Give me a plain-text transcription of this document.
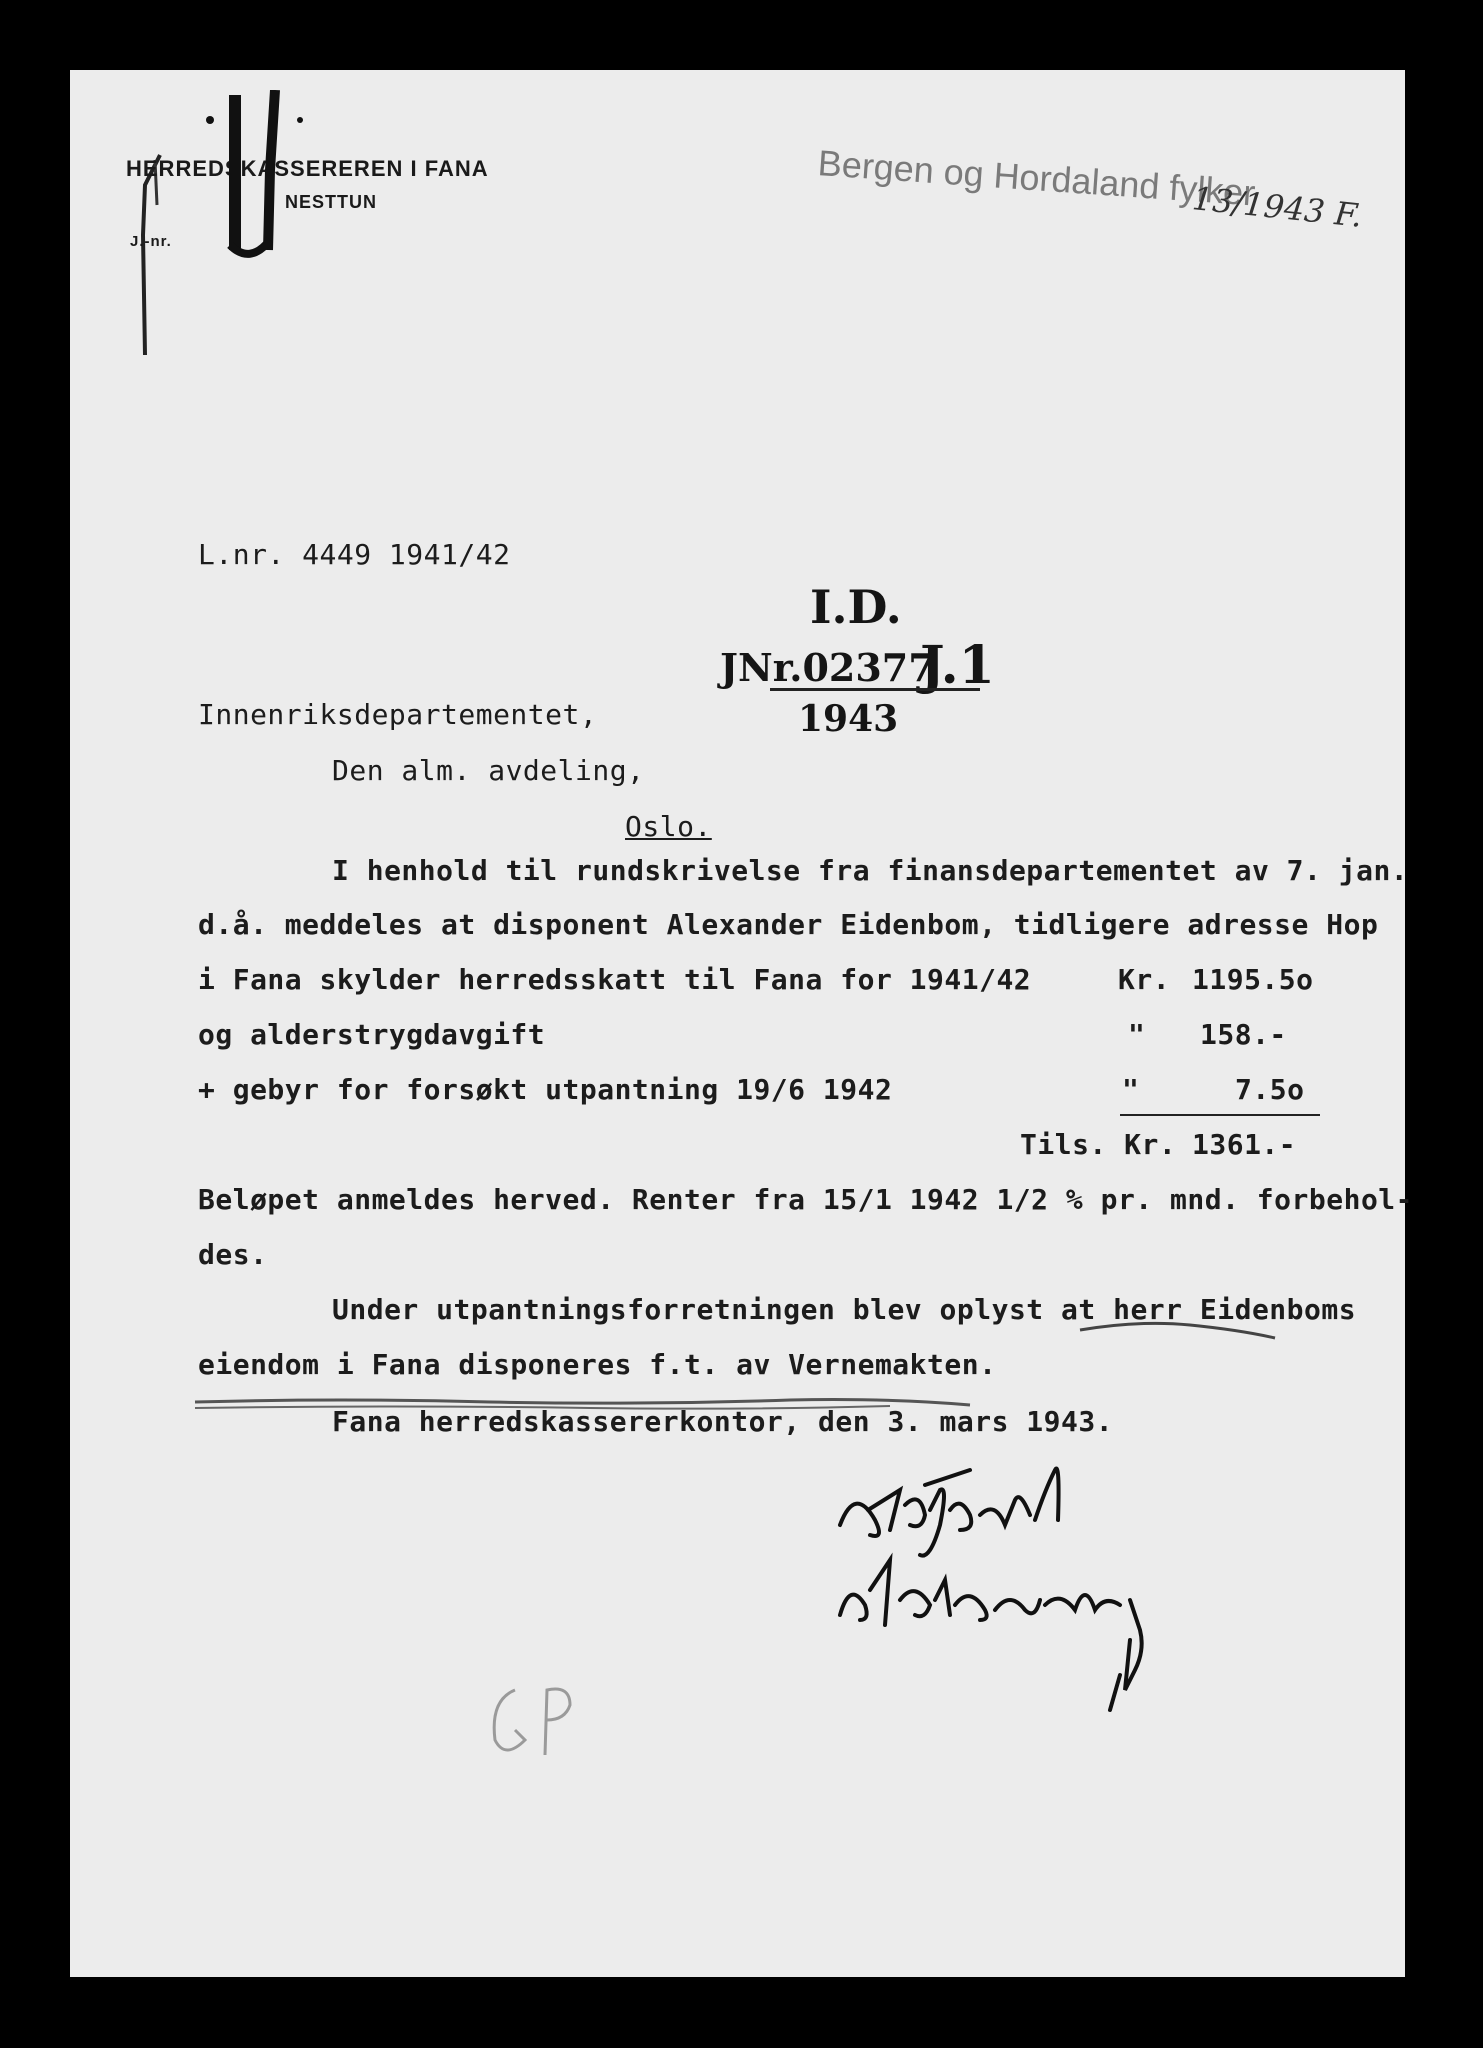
HERREDSKASSEREREN I FANA
NESTTUN
J.-nr.
Bergen og Hordaland fylker
13/1943 F.
L.nr. 4449 1941/42
I.D.
JNr.02377
J.1
1943
Innenriksdepartementet,
Den alm. avdeling,
Oslo.
I henhold til rundskrivelse fra finansdepartementet av 7. jan.
d.å. meddeles at disponent Alexander Eidenbom, tidligere adresse Hop
i Fana skylder herredsskatt til Fana for 1941/42	Kr. 1195.5o
og alderstrygdavgift	" 158.-
+ gebyr for forsøkt utpantning 19/6 1942	"	7.5o
Tils. Kr. 1361.-
Beløpet anmeldes herved. Renter fra 15/1 1942 1/2 % pr. mnd. forbehol-
des.
Under utpantningsforretningen blev oplyst at herr Eidenboms
eiendom i Fana disponeres f.t. av Vernemakten.
Fana herredskassererkontor, den 3. mars 1943.
